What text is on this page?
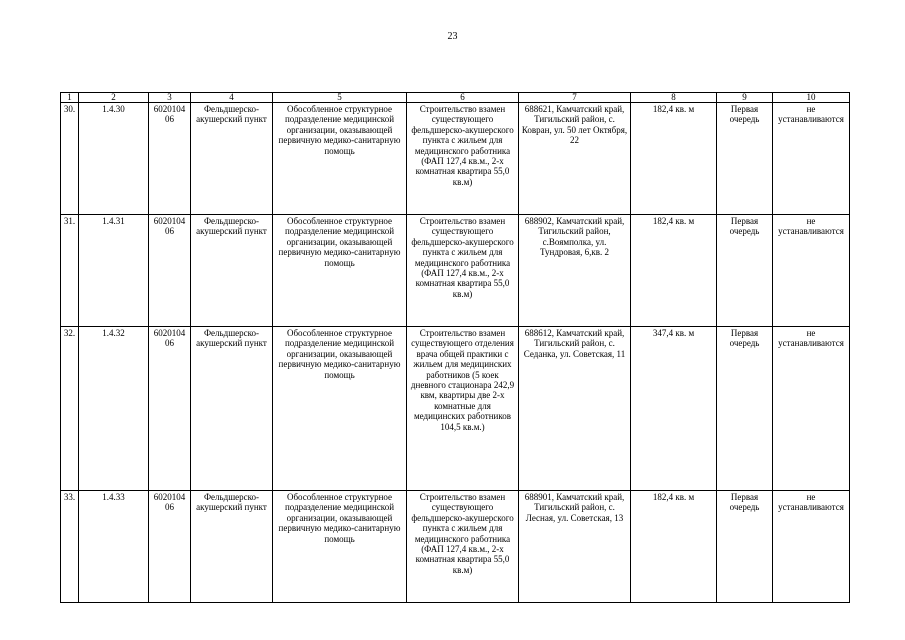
23
1	2	3	4	5	6	7	8	9	10
30.	1.4.30	6020104 06	Фельдшерско-акушерский пункт	Обособленное структурное подразделение медицинской организации, оказывающей первичную медико-санитарную помощь	Строительство взамен существующего фельдшерско-акушерского пункта с жильем для медицинского работника (ФАП 127,4 кв.м., 2-х комнатная квартира 55,0 кв.м)	688621, Камчатский край, Тигильский район, с. Ковран, ул. 50 лет Октября, 22	182,4 кв. м	Первая очередь	не устанавливаются
31.	1.4.31	6020104 06	Фельдшерско-акушерский пункт	Обособленное структурное подразделение медицинской организации, оказывающей первичную медико-санитарную помощь	Строительство взамен существующего фельдшерско-акушерского пункта с жильем для медицинского работника (ФАП 127,4 кв.м., 2-х комнатная квартира 55,0 кв.м)	688902, Камчатский край, Тигильский район, с.Воямполка, ул. Тундровая, 6,кв. 2	182,4 кв. м	Первая очередь	не устанавливаются
32.	1.4.32	6020104 06	Фельдшерско-акушерский пункт	Обособленное структурное подразделение медицинской организации, оказывающей первичную медико-санитарную помощь	Строительство взамен существующего отделения врача общей практики с жильем для медицинских работников (5 коек дневного стационара 242,9 квм, квартиры две 2-х комнатные для медицинских работников 104,5 кв.м.)	688612, Камчатский край, Тигильский район, с. Седанка, ул. Советская, 11	347,4 кв. м	Первая очередь	не устанавливаются
33.	1.4.33	6020104 06	Фельдшерско-акушерский пункт	Обособленное структурное подразделение медицинской организации, оказывающей первичную медико-санитарную помощь	Строительство взамен существующего фельдшерско-акушерского пункта с жильем для медицинского работника (ФАП 127,4 кв.м., 2-х комнатная квартира 55,0 кв.м)	688901, Камчатский край, Тигильский район, с. Лесная, ул. Советская, 13	182,4 кв. м	Первая очередь	не устанавливаются
